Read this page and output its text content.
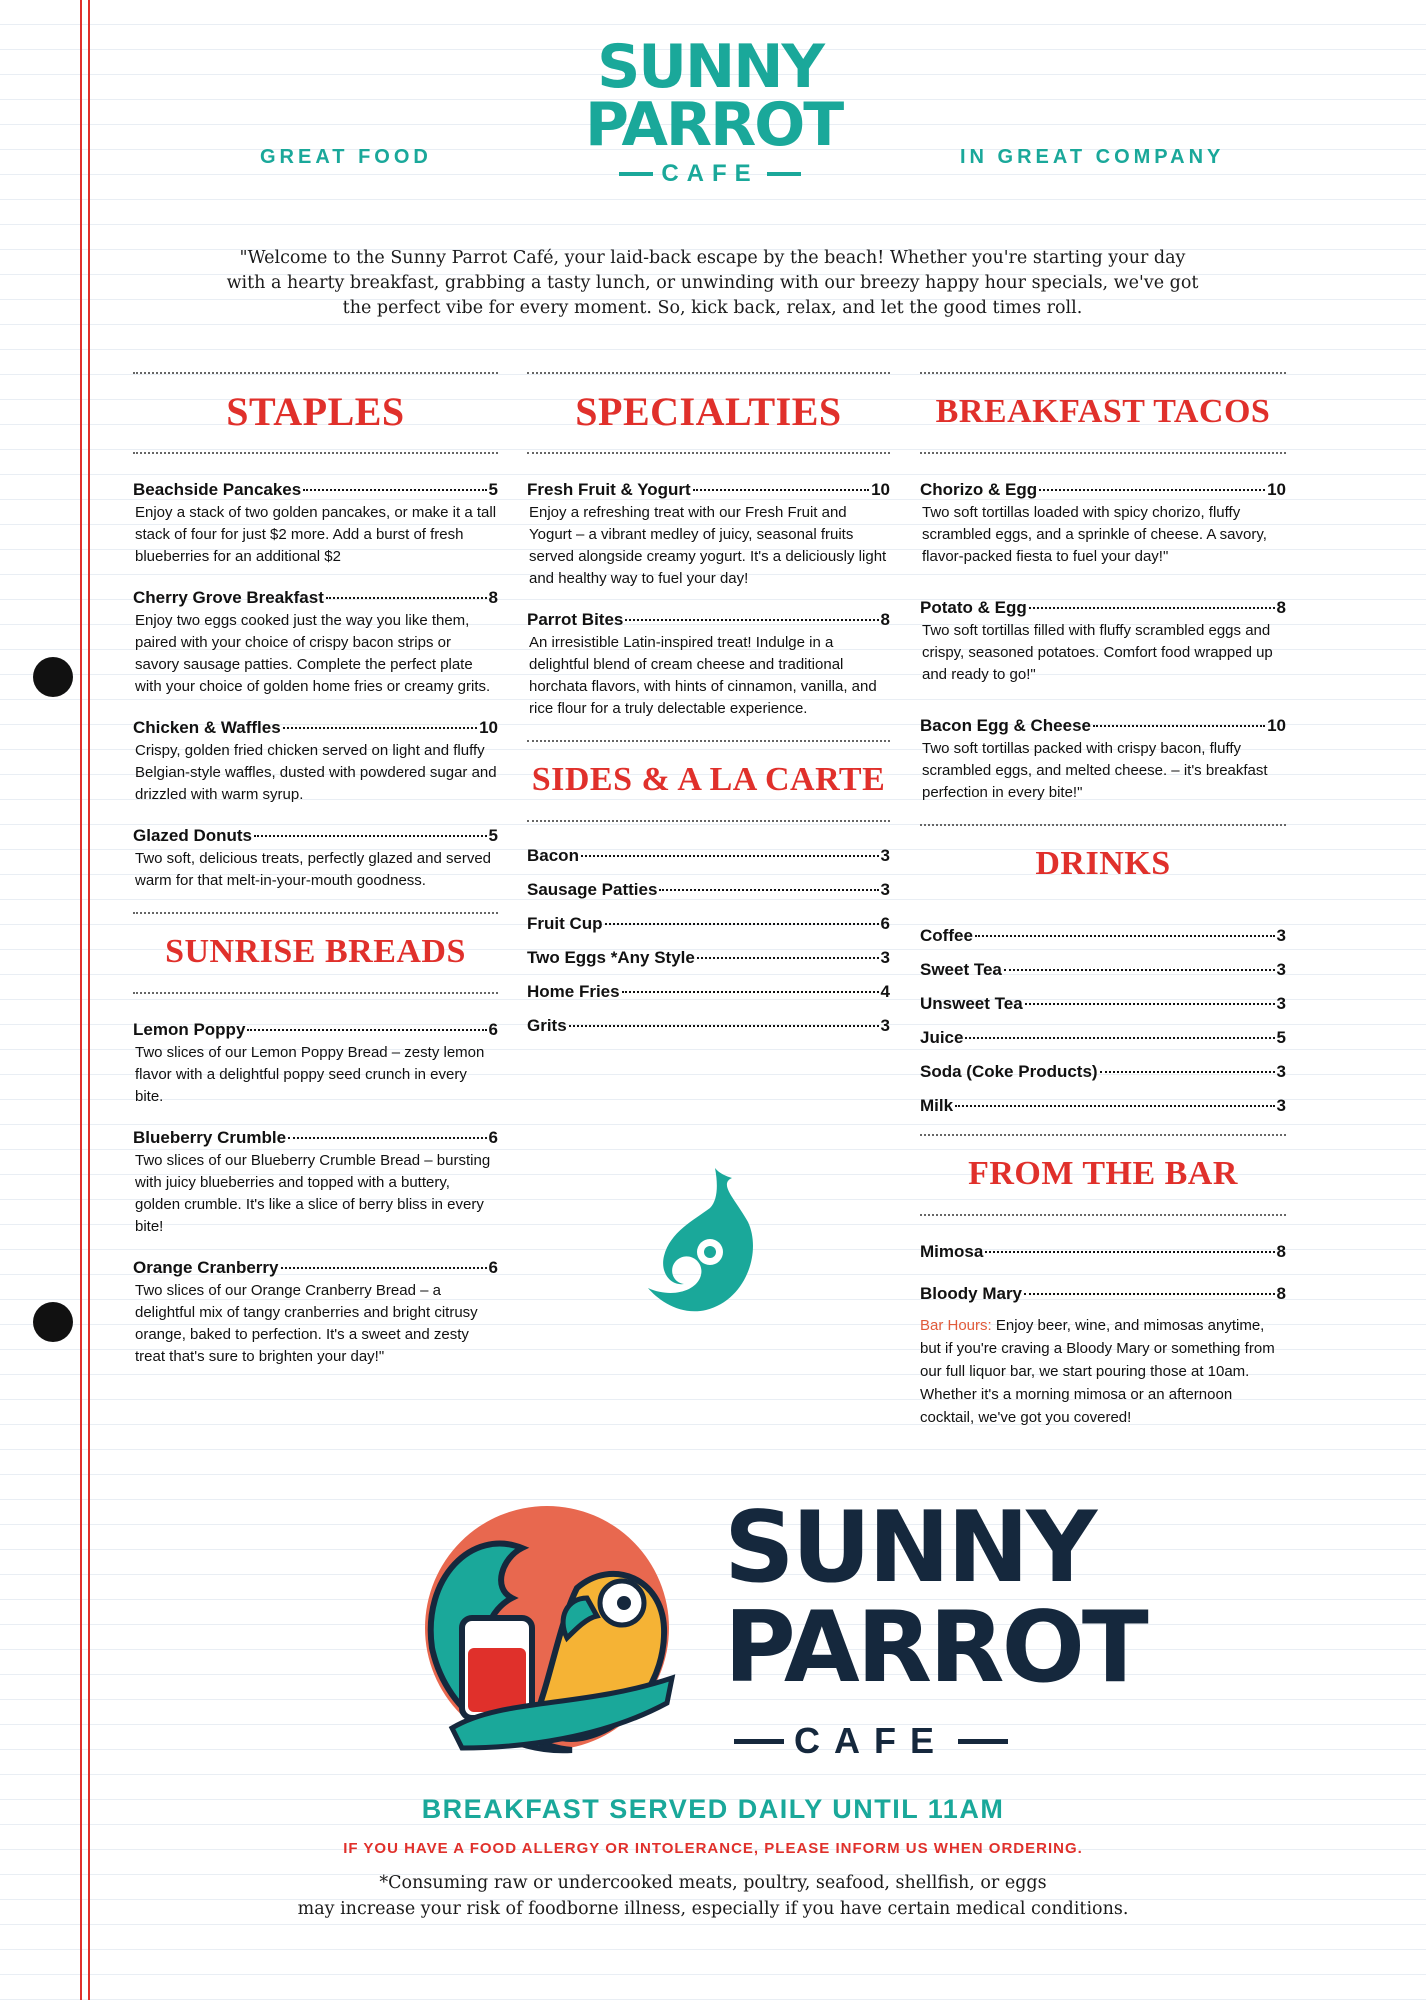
GREAT FOOD	IN GREAT COMPANY
SUNNY
PARROT
CAFE
"Welcome to the Sunny Parrot Café, your laid-back escape by the beach! Whether you're starting your day with a hearty breakfast, grabbing a tasty lunch, or unwinding with our breezy happy hour specials, we've got the perfect vibe for every moment. So, kick back, relax, and let the good times roll.
STAPLES
Beachside Pancakes	5
Enjoy a stack of two golden pancakes, or make it a tall stack of four for just $2 more. Add a burst of fresh blueberries for an additional $2
Cherry Grove Breakfast	8
Enjoy two eggs cooked just the way you like them, paired with your choice of crispy bacon strips or savory sausage patties. Complete the perfect plate with your choice of golden home fries or creamy grits.
Chicken & Waffles	10
Crispy, golden fried chicken served on light and fluffy Belgian-style waffles, dusted with powdered sugar and drizzled with warm syrup.
Glazed Donuts	5
Two soft, delicious treats, perfectly glazed and served warm for that melt-in-your-mouth goodness.
SUNRISE BREADS
Lemon Poppy	6
Two slices of our Lemon Poppy Bread – zesty lemon flavor with a delightful poppy seed crunch in every bite.
Blueberry Crumble	6
Two slices of our Blueberry Crumble Bread – bursting with juicy blueberries and topped with a buttery, golden crumble. It's like a slice of berry bliss in every bite!
Orange Cranberry	6
Two slices of our Orange Cranberry Bread – a delightful mix of tangy cranberries and bright citrusy orange, baked to perfection. It's a sweet and zesty treat that's sure to brighten your day!"
SPECIALTIES
Fresh Fruit & Yogurt	10
Enjoy a refreshing treat with our Fresh Fruit and Yogurt – a vibrant medley of juicy, seasonal fruits served alongside creamy yogurt. It's a deliciously light and healthy way to fuel your day!
Parrot Bites	8
An irresistible Latin-inspired treat! Indulge in a delightful blend of cream cheese and traditional horchata flavors, with hints of cinnamon, vanilla, and rice flour for a truly delectable experience.
SIDES & A LA CARTE
Bacon	3
Sausage Patties	3
Fruit Cup	6
Two Eggs *Any Style	3
Home Fries	4
Grits	3
BREAKFAST TACOS
Chorizo & Egg	10
Two soft tortillas loaded with spicy chorizo, fluffy scrambled eggs, and a sprinkle of cheese. A savory, flavor-packed fiesta to fuel your day!"
Potato & Egg	8
Two soft tortillas filled with fluffy scrambled eggs and crispy, seasoned potatoes. Comfort food wrapped up and ready to go!"
Bacon Egg & Cheese	10
Two soft tortillas packed with crispy bacon, fluffy scrambled eggs, and melted cheese. – it's breakfast perfection in every bite!"
DRINKS
Coffee	3
Sweet Tea	3
Unsweet Tea	3
Juice	5
Soda (Coke Products)	3
Milk	3
FROM THE BAR
Mimosa	8
Bloody Mary	8
Bar Hours: Enjoy beer, wine, and mimosas anytime, but if you're craving a Bloody Mary or something from our full liquor bar, we start pouring those at 10am. Whether it's a morning mimosa or an afternoon cocktail, we've got you covered!
SUNNY
PARROT
CAFE
BREAKFAST SERVED DAILY UNTIL 11AM
IF YOU HAVE A FOOD ALLERGY OR INTOLERANCE, PLEASE INFORM US WHEN ORDERING.
*Consuming raw or undercooked meats, poultry, seafood, shellfish, or eggs
may increase your risk of foodborne illness, especially if you have certain medical conditions.
